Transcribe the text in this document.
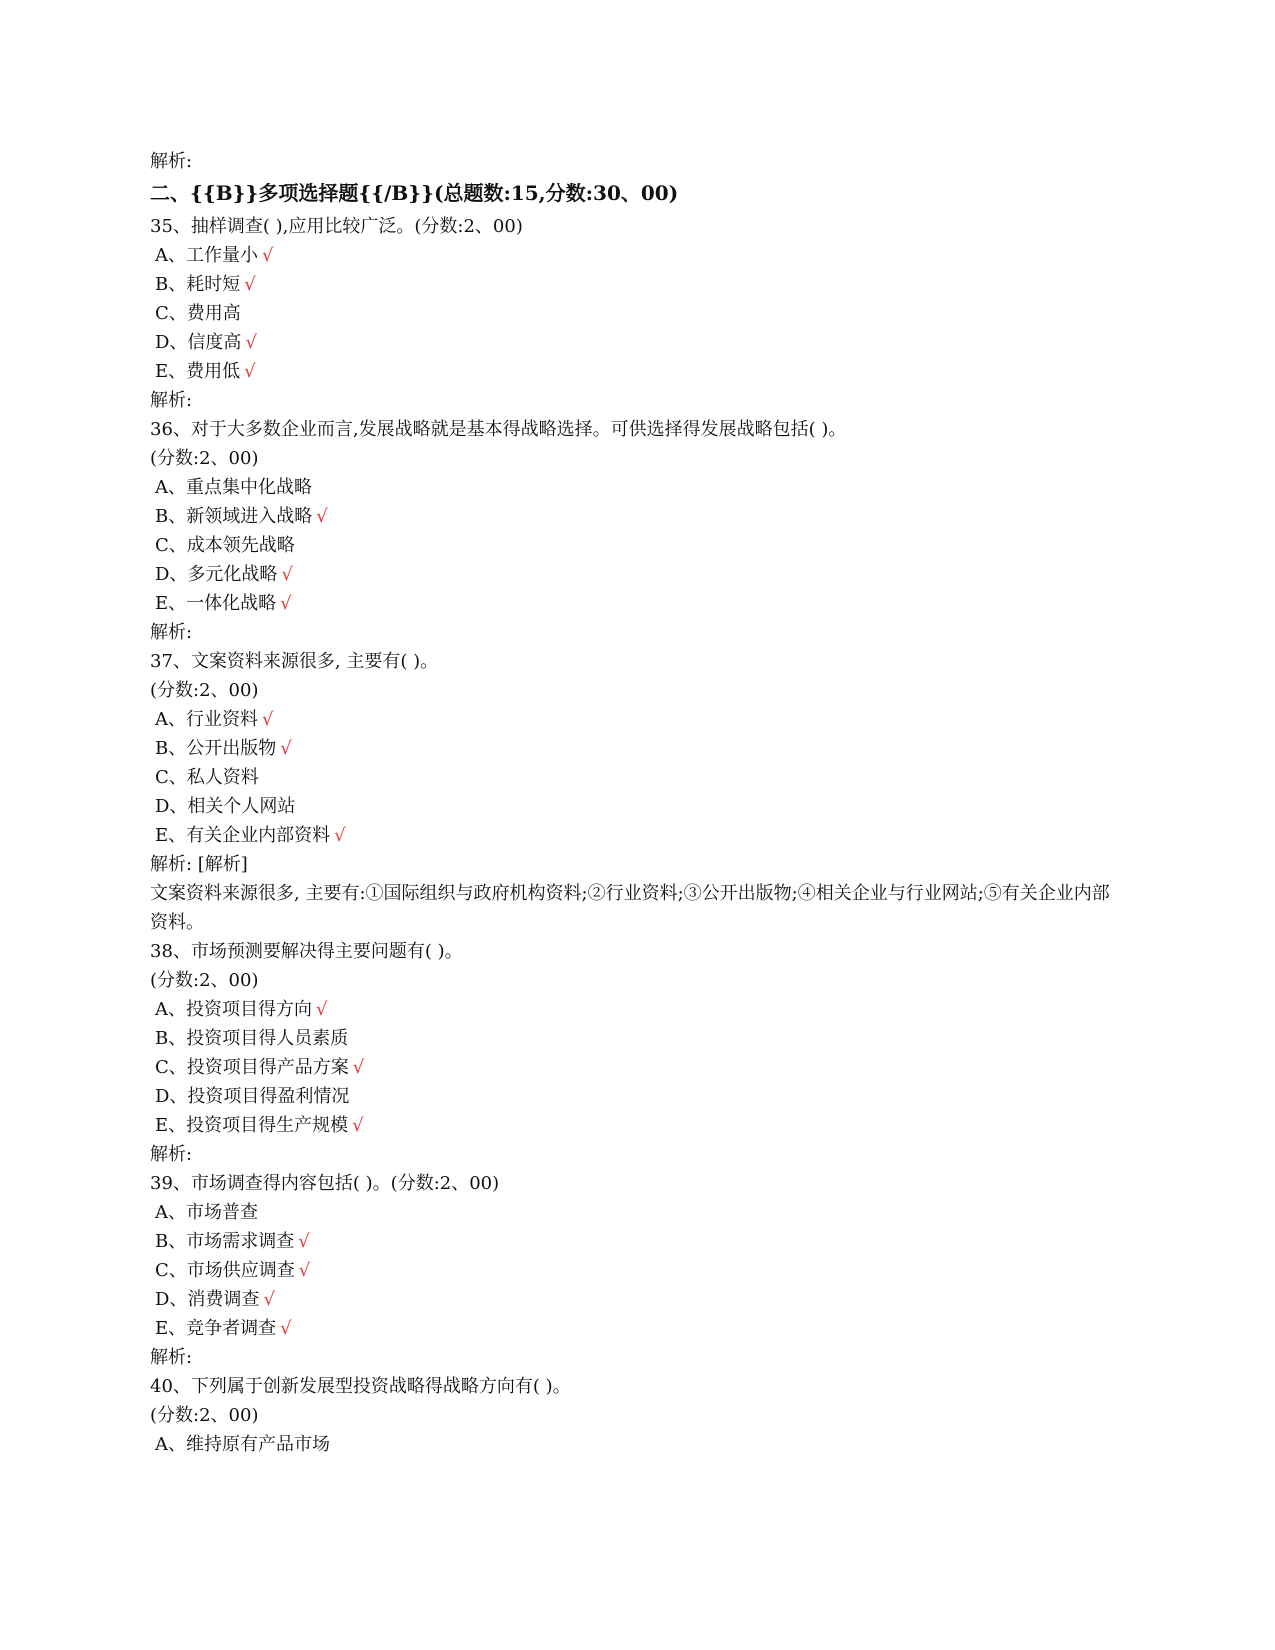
解析:
二、{{B}}多项选择题{{/B}}(总题数:15,分数:30、00)
35、抽样调查( ),应用比较广泛。(分数:2、00)
A、工作量小 √
B、耗时短 √
C、费用高
D、信度高 √
E、费用低 √
解析:
36、对于大多数企业而言,发展战略就是基本得战略选择。可供选择得发展战略包括( )。
(分数:2、00)
A、重点集中化战略
B、新领域进入战略 √
C、成本领先战略
D、多元化战略 √
E、一体化战略 √
解析:
37、文案资料来源很多, 主要有( )。
(分数:2、00)
A、行业资料 √
B、公开出版物 √
C、私人资料
D、相关个人网站
E、有关企业内部资料 √
解析: [解析]
文案资料来源很多, 主要有:①国际组织与政府机构资料;②行业资料;③公开出版物;④相关企业与行业网站;⑤有关企业内部资料。
38、市场预测要解决得主要问题有( )。
(分数:2、00)
A、投资项目得方向 √
B、投资项目得人员素质
C、投资项目得产品方案 √
D、投资项目得盈利情况
E、投资项目得生产规模 √
解析:
39、市场调查得内容包括( )。(分数:2、00)
A、市场普查
B、市场需求调查 √
C、市场供应调查 √
D、消费调查 √
E、竞争者调查 √
解析:
40、下列属于创新发展型投资战略得战略方向有( )。
(分数:2、00)
A、维持原有产品市场
